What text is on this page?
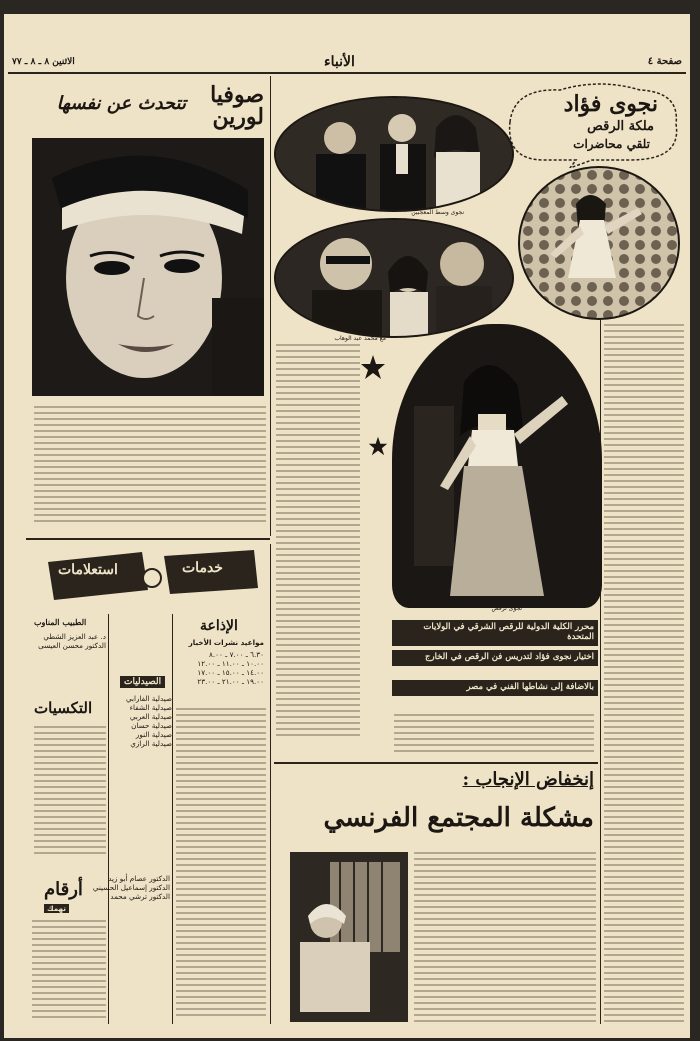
صفحة ٤
الأنباء
الاثنين ٨ ـ ٨ ـ ٧٧
صوفيا لورين
تتحدث عن نفسها
استعلامات	خدمات
الإذاعة
مواعيد نشرات الأخبار
٦.٣٠ ـ ٧.٠٠ ـ ٨.٠٠
١٠.٠٠ ـ ١١.٠٠ ـ ١٢.٠٠
١٤.٠٠ ـ ١٥.٠٠ ـ ١٧.٠٠
١٩.٠٠ ـ ٢١.٠٠ ـ ٢٣.٠٠
الصيدليات
صيدلية الفارابي
صيدلية الشفاء
صيدلية العربي
صيدلية حسان
صيدلية النور
صيدلية الرازي
الطبيب المناوب
د. عبد العزيز الشطي
الدكتور محسن العيسى
التكسيات
أرقام
تهمك
الدكتور عصام أبو زيد
الدكتور إسماعيل الحسيني
الدكتور ترشي محمد
نجوى فؤاد
ملكة الرقص
تلقي محاضرات
نجوى وسط المعجبين
مع محمد عبد الوهاب
نجوى ترقص
محرر الكلية الدولية للرقص الشرقي في الولايات المتحدة
اختيار نجوى فؤاد لتدريس فن الرقص في الخارج
بالاضافة إلى نشاطها الفني في مصر
إنخفاض الإنجاب :
مشكلة المجتمع الفرنسي
